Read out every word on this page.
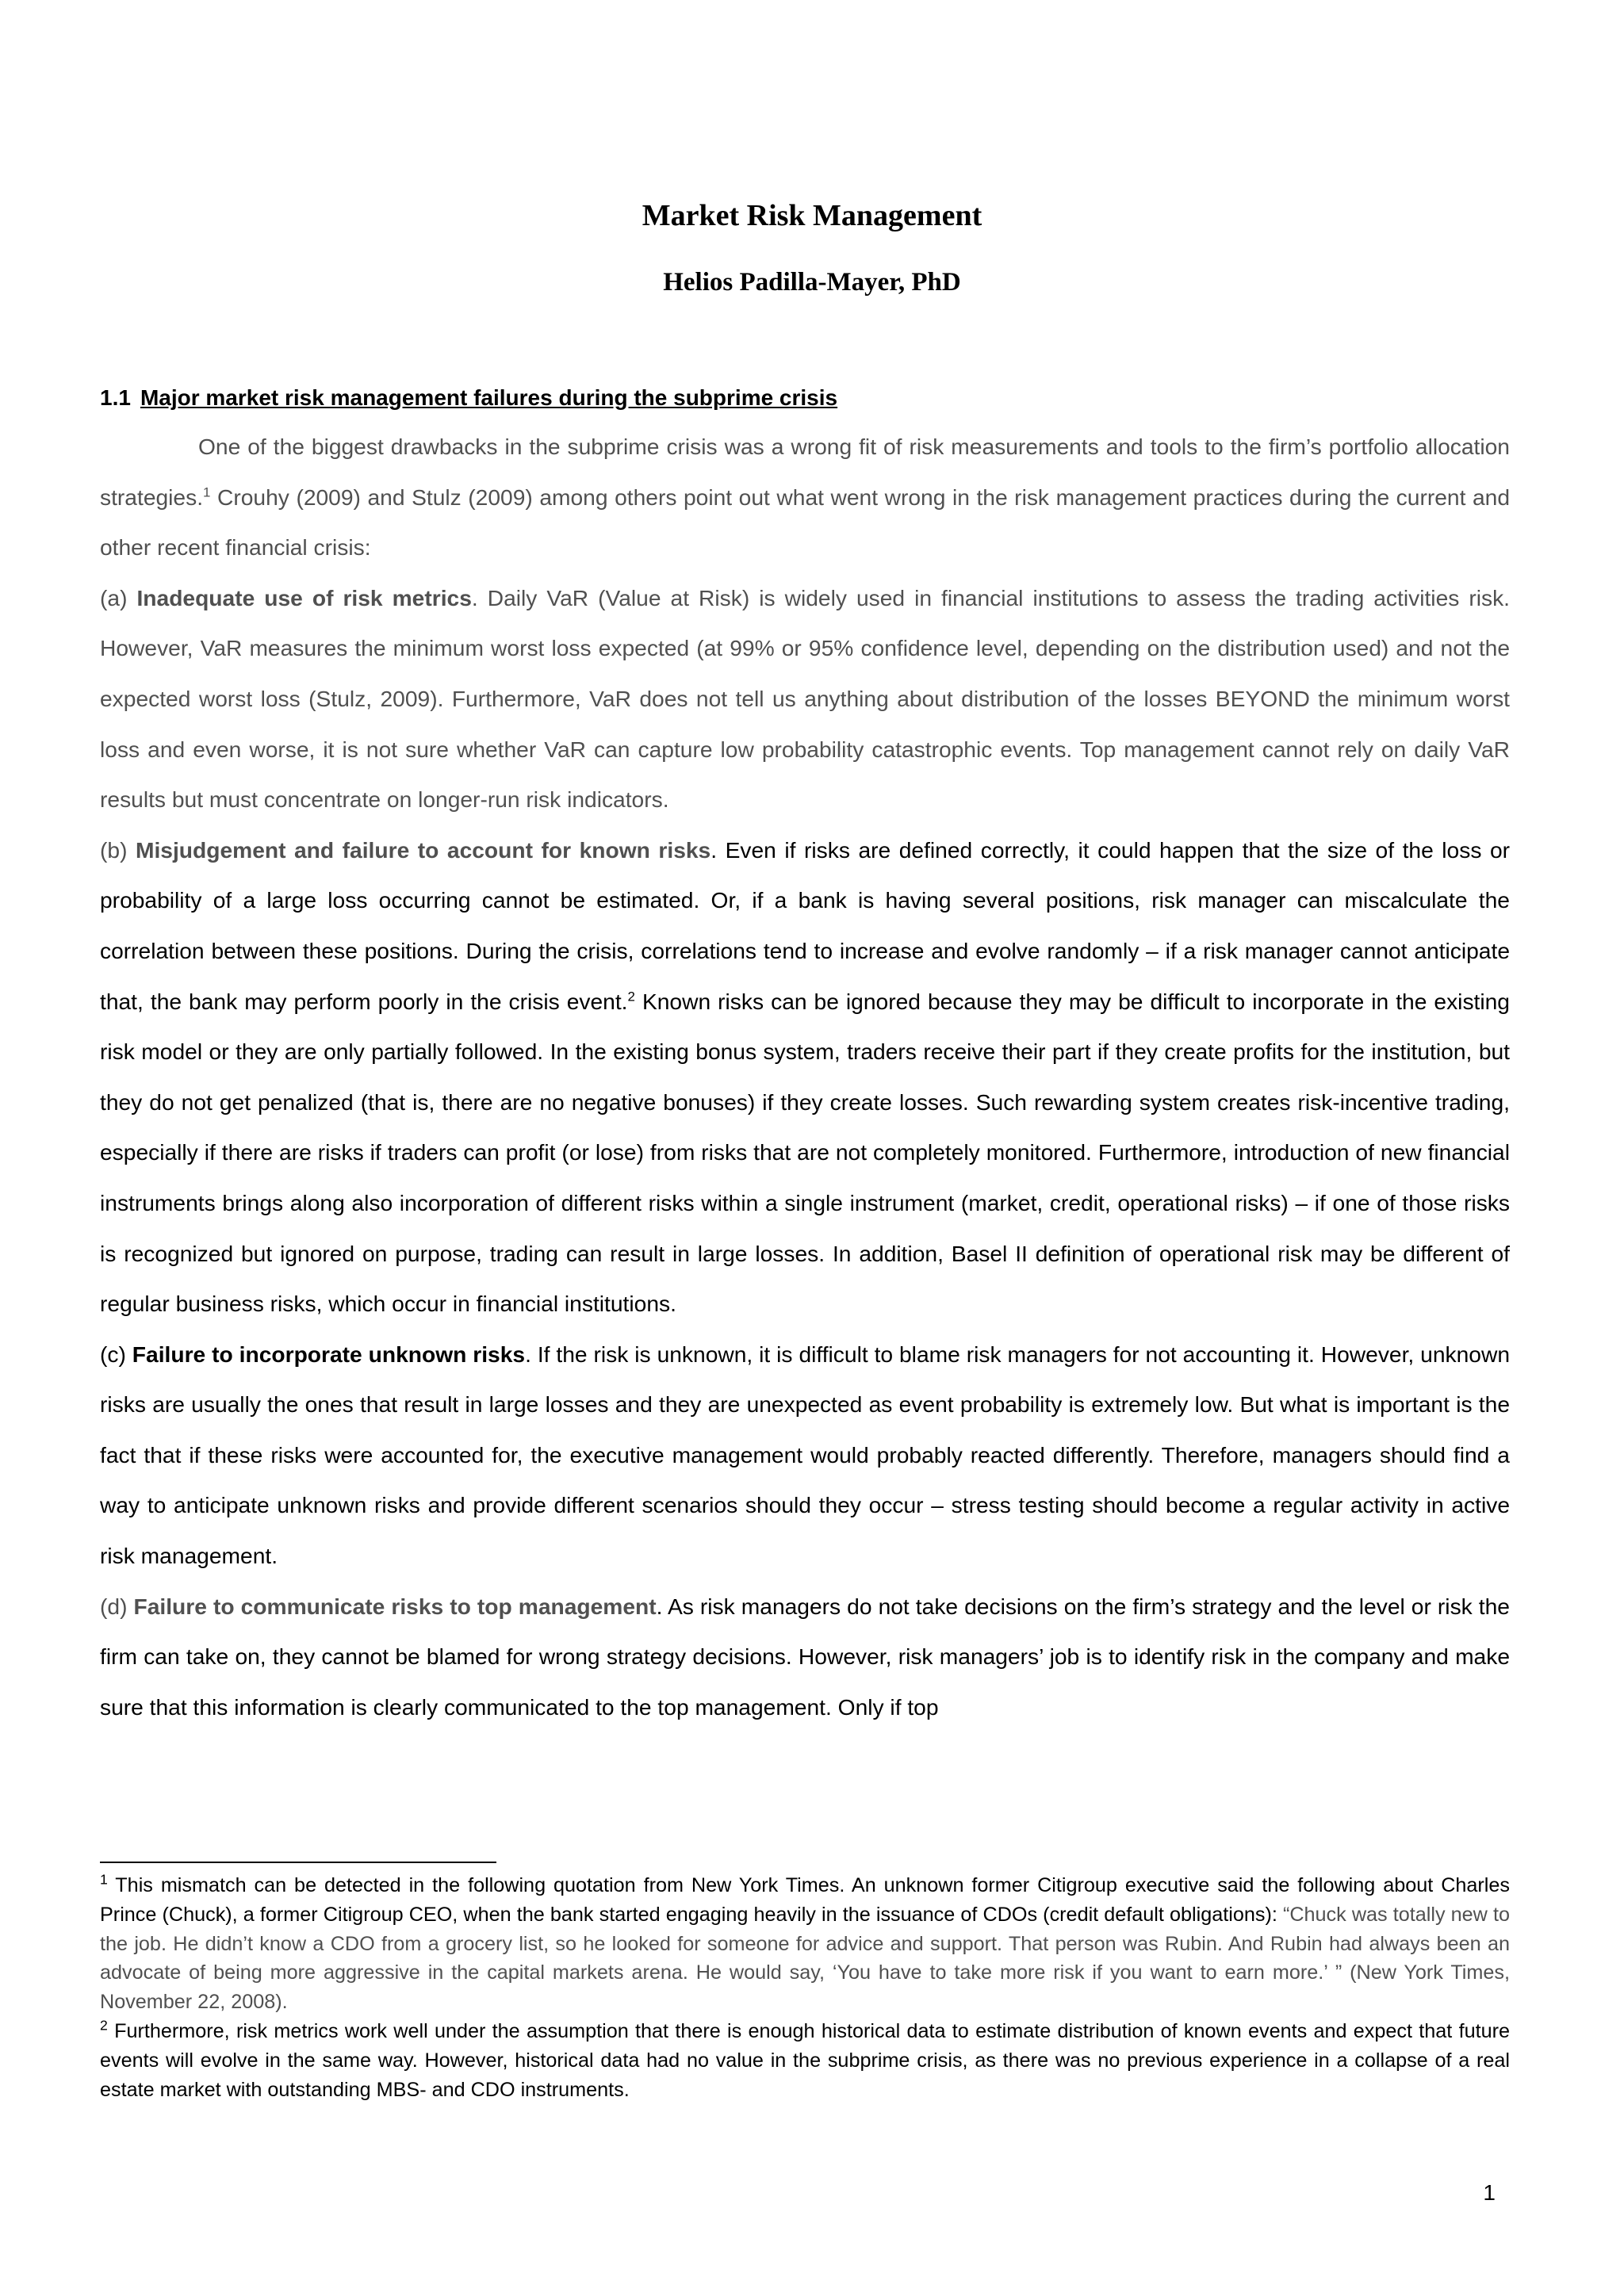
Market Risk Management
Helios Padilla-Mayer, PhD
1.1 Major market risk management failures during the subprime crisis

One of the biggest drawbacks in the subprime crisis was a wrong fit of risk measurements and tools to the firm’s portfolio allocation strategies.$^1$ Crouhy (2009) and Stulz (2009) among others point out what went wrong in the risk management practices during the current and other recent financial crisis:

(a) Inadequate use of risk metrics. Daily VaR (Value at Risk) is widely used in financial institutions to assess the trading activities risk. However, VaR measures the minimum worst loss expected (at 99% or 95% confidence level, depending on the distribution used) and not the expected worst loss (Stulz, 2009). Furthermore, VaR does not tell us anything about distribution of the losses BEYOND the minimum worst loss and even worse, it is not sure whether VaR can capture low probability catastrophic events. Top management cannot rely on daily VaR results but must concentrate on longer-run risk indicators.

(b) Misjudgement and failure to account for known risks. Even if risks are defined correctly, it could happen that the size of the loss or probability of a large loss occurring cannot be estimated. Or, if a bank is having several positions, risk manager can miscalculate the correlation between these positions. During the crisis, correlations tend to increase and evolve randomly – if a risk manager cannot anticipate that, the bank may perform poorly in the crisis event.$^2$ Known risks can be ignored because they may be difficult to incorporate in the existing risk model or they are only partially followed. In the existing bonus system, traders receive their part if they create profits for the institution, but they do not get penalized (that is, there are no negative bonuses) if they create losses. Such rewarding system creates risk-incentive trading, especially if there are risks if traders can profit (or lose) from risks that are not completely monitored. Furthermore, introduction of new financial instruments brings along also incorporation of different risks within a single instrument (market, credit, operational risks) – if one of those risks is recognized but ignored on purpose, trading can result in large losses. In addition, Basel II definition of operational risk may be different of regular business risks, which occur in financial institutions.

(c) Failure to incorporate unknown risks. If the risk is unknown, it is difficult to blame risk managers for not accounting it. However, unknown risks are usually the ones that result in large losses and they are unexpected as event probability is extremely low. But what is important is the fact that if these risks were accounted for, the executive management would probably reacted differently. Therefore, managers should find a way to anticipate unknown risks and provide different scenarios should they occur – stress testing should become a regular activity in active risk management.

(d) Failure to communicate risks to top management. As risk managers do not take decisions on the firm’s strategy and the level or risk the firm can take on, they cannot be blamed for wrong strategy decisions. However, risk managers’ job is to identify risk in the company and make sure that this information is clearly communicated to the top management. Only if top

$^1$ This mismatch can be detected in the following quotation from New York Times. An unknown former Citigroup executive said the following about Charles Prince (Chuck), a former Citigroup CEO, when the bank started engaging heavily in the issuance of CDOs (credit default obligations): “Chuck was totally new to the job. He didn’t know a CDO from a grocery list, so he looked for someone for advice and support. That person was Rubin. And Rubin had always been an advocate of being more aggressive in the capital markets arena. He would say, ‘You have to take more risk if you want to earn more.’ ” (New York Times, November 22, 2008).

$^2$ Furthermore, risk metrics work well under the assumption that there is enough historical data to estimate distribution of known events and expect that future events will evolve in the same way. However, historical data had no value in the subprime crisis, as there was no previous experience in a collapse of a real estate market with outstanding MBS- and CDO instruments.

1
